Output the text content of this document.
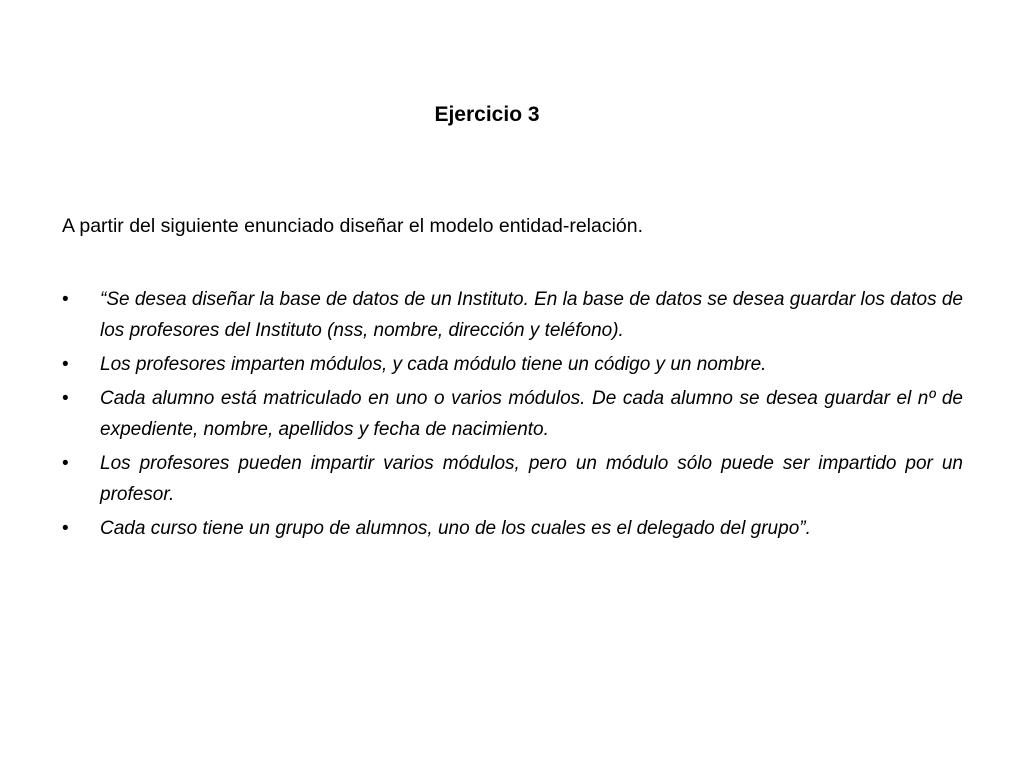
Ejercicio 3
A partir del siguiente enunciado diseñar el modelo entidad-relación.
•	“Se desea diseñar la base de datos de un Instituto. En la base de datos se desea guardar los datos de los profesores del Instituto (nss, nombre, dirección y teléfono).
•	Los profesores imparten módulos, y cada módulo tiene un código y un nombre.
•	Cada alumno está matriculado en uno o varios módulos. De cada alumno se desea guardar el nº de expediente, nombre, apellidos y fecha de nacimiento.
•	Los profesores pueden impartir varios módulos, pero un módulo sólo puede ser impartido por un profesor.
•	Cada curso tiene un grupo de alumnos, uno de los cuales es el delegado del grupo”.
